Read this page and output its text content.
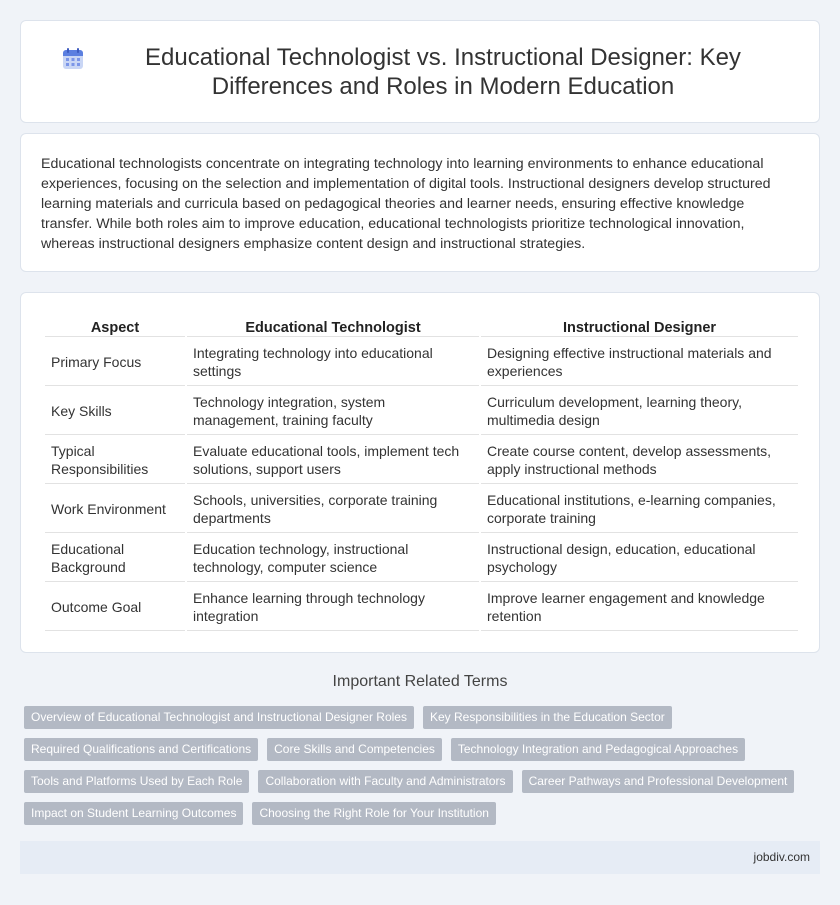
Educational Technologist vs. Instructional Designer: Key Differences and Roles in Modern Education

Educational technologists concentrate on integrating technology into learning environments to enhance educational experiences, focusing on the selection and implementation of digital tools. Instructional designers develop structured learning materials and curricula based on pedagogical theories and learner needs, ensuring effective knowledge transfer. While both roles aim to improve education, educational technologists prioritize technological innovation, whereas instructional designers emphasize content design and instructional strategies.

Aspect	Educational Technologist	Instructional Designer
Primary Focus	Integrating technology into educational settings	Designing effective instructional materials and experiences
Key Skills	Technology integration, system management, training faculty	Curriculum development, learning theory, multimedia design
Typical Responsibilities	Evaluate educational tools, implement tech solutions, support users	Create course content, develop assessments, apply instructional methods
Work Environment	Schools, universities, corporate training departments	Educational institutions, e-learning companies, corporate training
Educational Background	Education technology, instructional technology, computer science	Instructional design, education, educational psychology
Outcome Goal	Enhance learning through technology integration	Improve learner engagement and knowledge retention
Important Related Terms
Overview of Educational Technologist and Instructional Designer Roles	Key Responsibilities in the Education Sector
Required Qualifications and Certifications	Core Skills and Competencies	Technology Integration and Pedagogical Approaches
Tools and Platforms Used by Each Role	Collaboration with Faculty and Administrators	Career Pathways and Professional Development
Impact on Student Learning Outcomes	Choosing the Right Role for Your Institution
jobdiv.com
